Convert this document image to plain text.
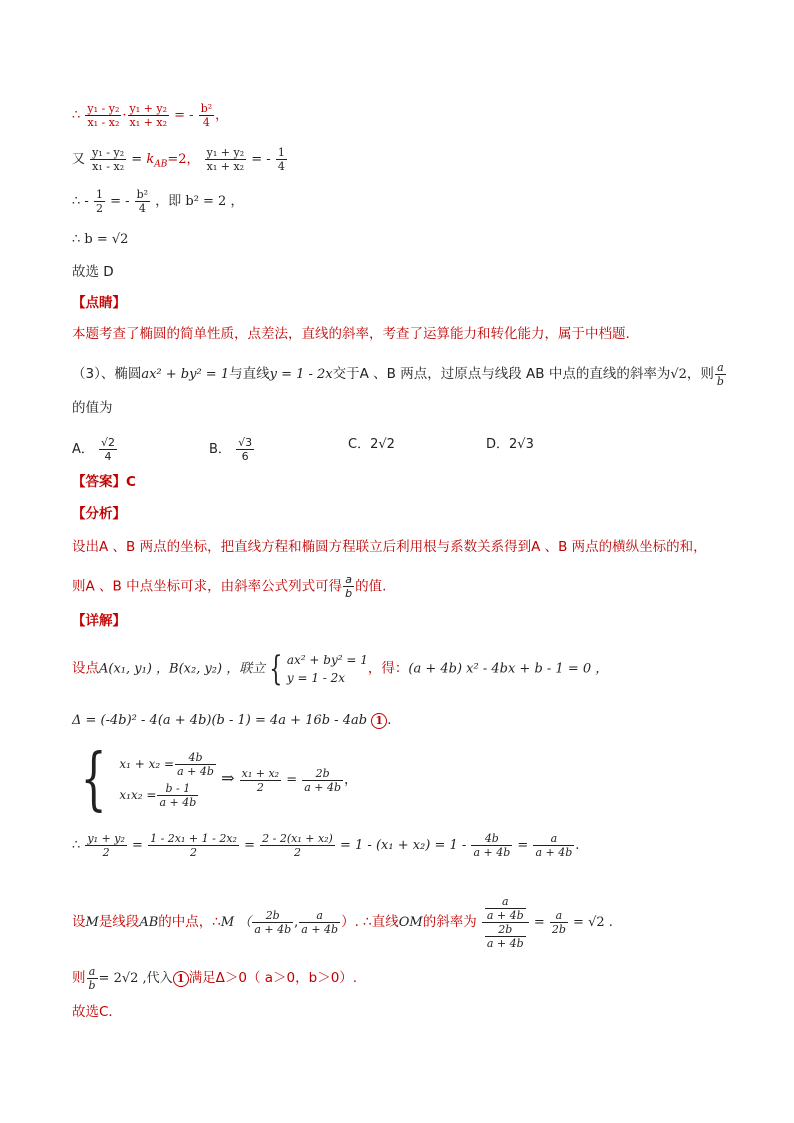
∴ $\frac{\text{y₁ - y₂}}{\text{x₁ - x₂}} \cdot \frac{\text{y₁ + y₂}}{\text{x₁ + x₂}}$ = - $\frac{\text{b²}}{4}$ ，
又 $\frac{\text{y₁ - y₂}}{\text{x₁ - x₂}} = k_{AB}=2$， $\frac{\text{y₁ + y₂}}{\text{x₁ + x₂}}$ = - $\frac{1}{4}$
∴ - $\frac{1}{2}$ = - $\frac{\text{b²}}{4}$ ，即 b² = 2 ，
∴ b = √2
故选 D
【点睛】
本题考查了椭圆的简单性质，点差法，直线的斜率，考查了运算能力和转化能力，属于中档题.
（3）、椭圆ax² + by² = 1与直线y = 1 - 2x交于A 、B 两点，过原点与线段 AB 中点的直线的斜率为√2，则 $\frac{a}{b}$
的值为
A． $\frac{√2}{4}$	B． $\frac{√3}{6}$	C．2√2	D．2√3
【答案】C
【分析】
设出A 、B 两点的坐标，把直线方程和椭圆方程联立后利用根与系数关系得到A 、B 两点的横纵坐标的和，
则A 、B 中点坐标可求，由斜率公式列式可得 $\frac{a}{b}$ 的值.
【详解】
设点A(x₁, y₁) ，B(x₂, y₂) ，联立 { ax² + by² = 1
y = 1 - 2x
，得：(a + 4b) x² - 4bx + b - 1 = 0 ，
Δ = (-4b)² - 4(a + 4b)(b - 1) = 4a + 16b - 4ab 1 .
{ $x_1 + x_2 = \frac{4b}{a + 4b}$
$x_1x_2 = \frac{b - 1}{a + 4b}$
⇒ $\frac{\text{x₁ + x₂}}{2} = \frac{2b}{a + 4b}$ ，
∴ $\frac{\text{y₁ + y₂}}{2} = \frac{\text{1 - 2x₁ + 1 - 2x₂}}{2} = \frac{\text{2 - 2(x₁ + x₂)}}{2} = 1 - (x_1 + x_2) = 1 - \frac{4b}{a + 4b} = \frac{a}{a + 4b}$ .
设M是线段AB的中点，∴M （ $\frac{2b}{a + 4b}$ , $\frac{a}{a + 4b}$ ）. ∴直线OM的斜率为 $\frac{\frac{a}{a + 4b}}{\frac{2b}{a + 4b}} = \frac{a}{2b} = √2$ .
则 $\frac{a}{b} = 2√2$ ,代入 1 满足Δ＞0（ a＞0，b＞0）.
故选C．
